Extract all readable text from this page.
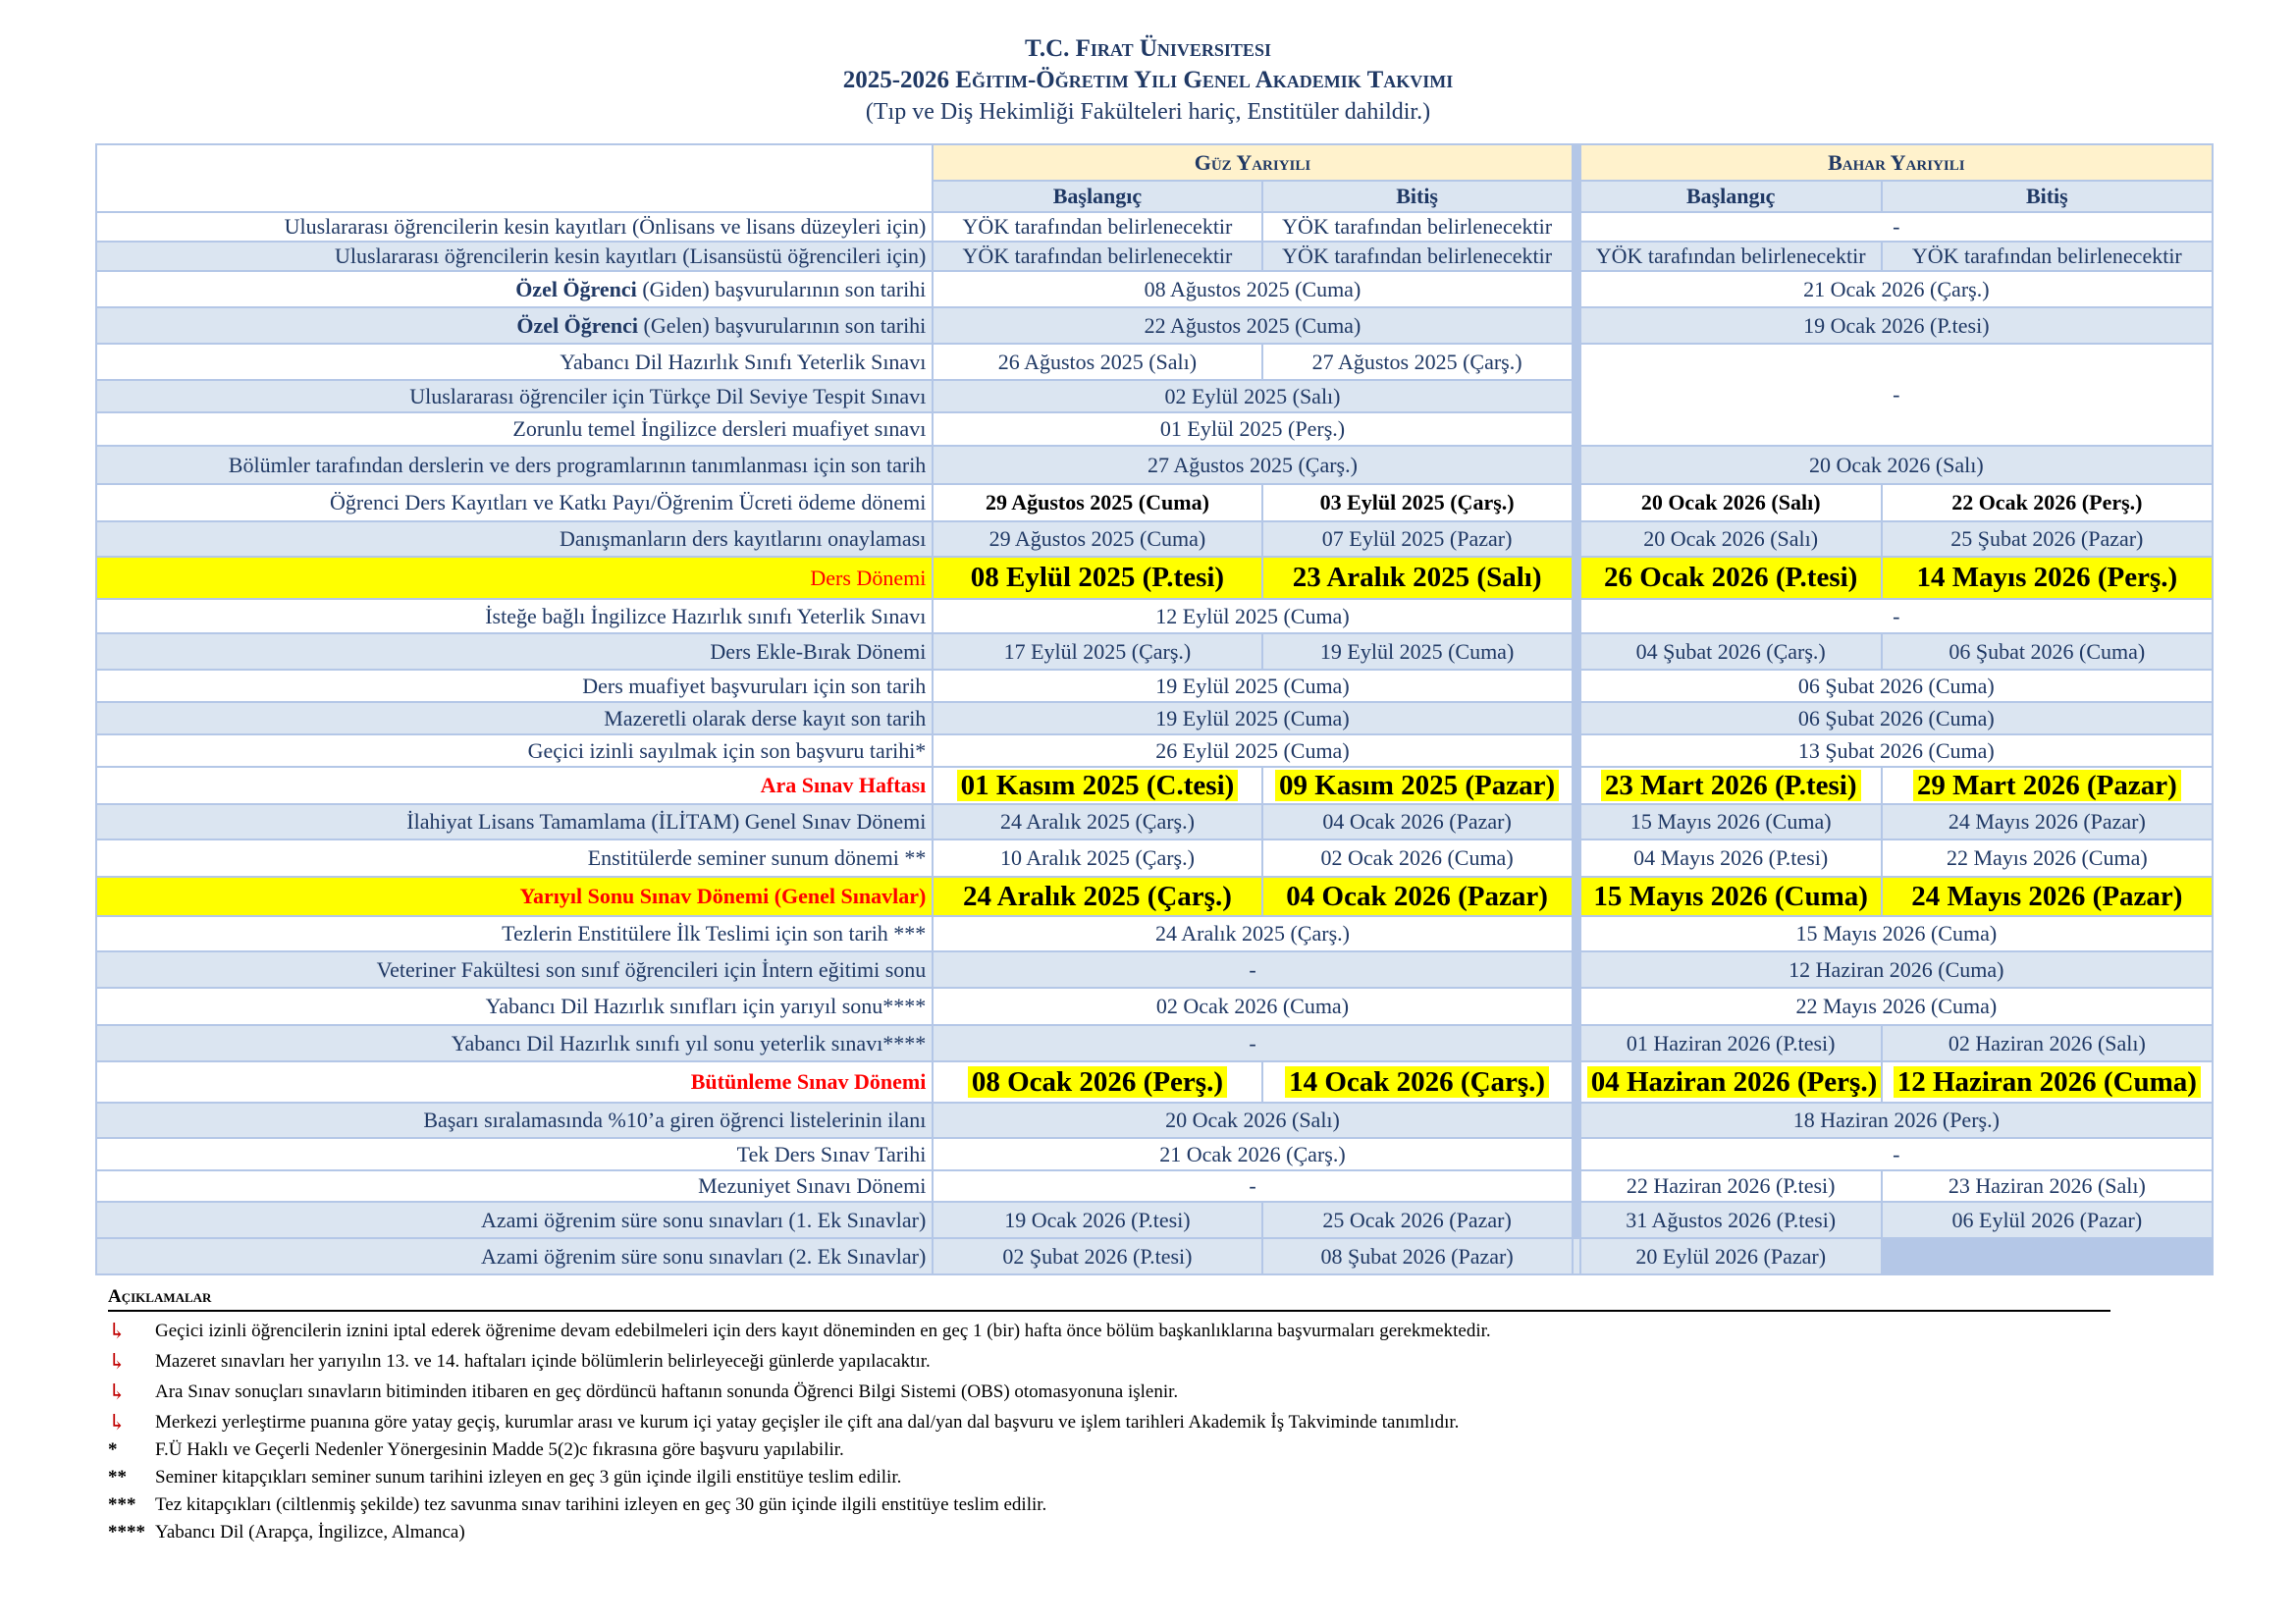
T.C. Fırat Üniversitesi
2025-2026 Eğitim-Öğretim Yılı Genel Akademik Takvimi
(Tıp ve Diş Hekimliği Fakülteleri hariç, Enstitüler dahildir.)
	Güz Yarıyılı			Bahar Yarıyılı	
	Başlangıç	Bitiş		Başlangıç	Bitiş
Uluslararası öğrencilerin kesin kayıtları (Önlisans ve lisans düzeyleri için)	YÖK tarafından belirlenecektir	YÖK tarafından belirlenecektir		-	
Uluslararası öğrencilerin kesin kayıtları (Lisansüstü öğrencileri için)	YÖK tarafından belirlenecektir	YÖK tarafından belirlenecektir		YÖK tarafından belirlenecektir	YÖK tarafından belirlenecektir
Özel Öğrenci (Giden) başvurularının son tarihi	08 Ağustos 2025 (Cuma)			21 Ocak 2026 (Çarş.)	
Özel Öğrenci (Gelen) başvurularının son tarihi	22 Ağustos 2025 (Cuma)			19 Ocak 2026 (P.tesi)	
Yabancı Dil Hazırlık Sınıfı Yeterlik Sınavı	26 Ağustos 2025 (Salı)	27 Ağustos 2025 (Çarş.)		-	
Uluslararası öğrenciler için Türkçe Dil Seviye Tespit Sınavı	02 Eylül 2025 (Salı)				
Zorunlu temel İngilizce dersleri muafiyet sınavı	01 Eylül 2025 (Perş.)				
Bölümler tarafından derslerin ve ders programlarının tanımlanması için son tarih	27 Ağustos 2025 (Çarş.)			20 Ocak 2026 (Salı)	
Öğrenci Ders Kayıtları ve Katkı Payı/Öğrenim Ücreti ödeme dönemi	29 Ağustos 2025 (Cuma)	03 Eylül 2025 (Çarş.)		20 Ocak 2026 (Salı)	22 Ocak 2026 (Perş.)
Danışmanların ders kayıtlarını onaylaması	29 Ağustos 2025 (Cuma)	07 Eylül 2025 (Pazar)		20 Ocak 2026 (Salı)	25 Şubat 2026 (Pazar)
Ders Dönemi	08 Eylül 2025 (P.tesi)	23 Aralık 2025 (Salı)		26 Ocak 2026 (P.tesi)	14 Mayıs 2026 (Perş.)
İsteğe bağlı İngilizce Hazırlık sınıfı Yeterlik Sınavı	12 Eylül 2025 (Cuma)			-	
Ders Ekle-Bırak Dönemi	17 Eylül 2025 (Çarş.)	19 Eylül 2025 (Cuma)		04 Şubat 2026 (Çarş.)	06 Şubat 2026 (Cuma)
Ders muafiyet başvuruları için son tarih	19 Eylül 2025 (Cuma)			06 Şubat 2026 (Cuma)	
Mazeretli olarak derse kayıt son tarih	19 Eylül 2025 (Cuma)			06 Şubat 2026 (Cuma)	
Geçici izinli sayılmak için son başvuru tarihi*	26 Eylül 2025 (Cuma)			13 Şubat 2026 (Cuma)	
Ara Sınav Haftası	01 Kasım 2025 (C.tesi)	09 Kasım 2025 (Pazar)		23 Mart 2026 (P.tesi)	29 Mart 2026 (Pazar)
İlahiyat Lisans Tamamlama (İLİTAM) Genel Sınav Dönemi	24 Aralık 2025 (Çarş.)	04 Ocak 2026 (Pazar)		15 Mayıs 2026 (Cuma)	24 Mayıs 2026 (Pazar)
Enstitülerde seminer sunum dönemi **	10 Aralık 2025 (Çarş.)	02 Ocak 2026 (Cuma)		04 Mayıs 2026 (P.tesi)	22 Mayıs 2026 (Cuma)
Yarıyıl Sonu Sınav Dönemi (Genel Sınavlar)	24 Aralık 2025 (Çarş.)	04 Ocak 2026 (Pazar)		15 Mayıs 2026 (Cuma)	24 Mayıs 2026 (Pazar)
Tezlerin Enstitülere İlk Teslimi için son tarih ***	24 Aralık 2025 (Çarş.)			15 Mayıs 2026 (Cuma)	
Veteriner Fakültesi son sınıf öğrencileri için İntern eğitimi sonu	-			12 Haziran 2026 (Cuma)	
Yabancı Dil Hazırlık sınıfları için yarıyıl sonu****	02 Ocak 2026 (Cuma)			22 Mayıs 2026 (Cuma)	
Yabancı Dil Hazırlık sınıfı yıl sonu yeterlik sınavı****	-			01 Haziran 2026 (P.tesi)	02 Haziran 2026 (Salı)
Bütünleme Sınav Dönemi	08 Ocak 2026 (Perş.)	14 Ocak 2026 (Çarş.)		04 Haziran 2026 (Perş.)	12 Haziran 2026 (Cuma)
Başarı sıralamasında %10’a giren öğrenci listelerinin ilanı	20 Ocak 2026 (Salı)			18 Haziran 2026 (Perş.)	
Tek Ders Sınav Tarihi	21 Ocak 2026 (Çarş.)			-	
Mezuniyet Sınavı Dönemi	-			22 Haziran 2026 (P.tesi)	23 Haziran 2026 (Salı)
Azami öğrenim süre sonu sınavları (1. Ek Sınavlar)	19 Ocak 2026 (P.tesi)	25 Ocak 2026 (Pazar)		31 Ağustos 2026 (P.tesi)	06 Eylül 2026 (Pazar)
Azami öğrenim süre sonu sınavları (2. Ek Sınavlar)	02 Şubat 2026 (P.tesi)	08 Şubat 2026 (Pazar)		20 Eylül 2026 (Pazar)	
Açıklamalar
↳ Geçici izinli öğrencilerin iznini iptal ederek öğrenime devam edebilmeleri için ders kayıt döneminden en geç 1 (bir) hafta önce bölüm başkanlıklarına başvurmaları gerekmektedir.
↳ Mazeret sınavları her yarıyılın 13. ve 14. haftaları içinde bölümlerin belirleyeceği günlerde yapılacaktır.
↳ Ara Sınav sonuçları sınavların bitiminden itibaren en geç dördüncü haftanın sonunda Öğrenci Bilgi Sistemi (OBS) otomasyonuna işlenir.
↳ Merkezi yerleştirme puanına göre yatay geçiş, kurumlar arası ve kurum içi yatay geçişler ile çift ana dal/yan dal başvuru ve işlem tarihleri Akademik İş Takviminde tanımlıdır.
* F.Ü Haklı ve Geçerli Nedenler Yönergesinin Madde 5(2)c fıkrasına göre başvuru yapılabilir.
** Seminer kitapçıkları seminer sunum tarihini izleyen en geç 3 gün içinde ilgili enstitüye teslim edilir.
*** Tez kitapçıkları (ciltlenmiş şekilde) tez savunma sınav tarihini izleyen en geç 30 gün içinde ilgili enstitüye teslim edilir.
**** Yabancı Dil (Arapça, İngilizce, Almanca)
